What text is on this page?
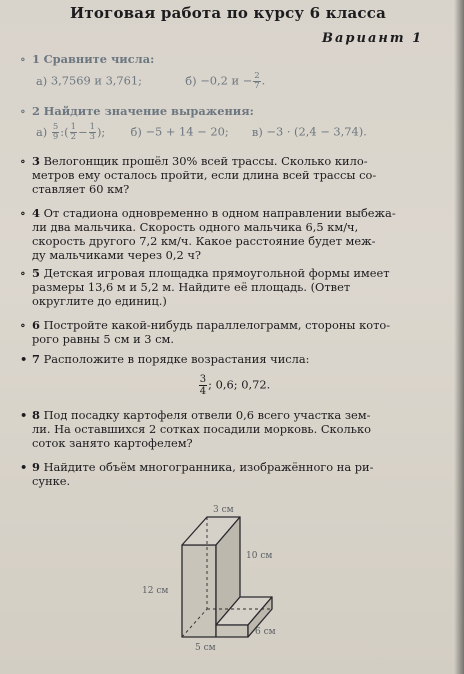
Итоговая работа по курсу 6 класса
Вариант 1
∘ 1 Сравните числа:
а) 3,7569 и 3,761;	б) −0,2 $и - \frac{2}{7}$ .
∘ 2 Найдите значение выражения:
$а) \frac{5}{9}$ :( $\frac{1}{2} - \frac{1}{3}$ ); б) −5 + 14 − 20; в) −3 · (2,4 − 3,74).
∘ 3 Велогонщик прошёл 30% всей трассы. Сколько кило-
метров ему осталось пройти, если длина всей трассы со-
ставляет 60 км?
∘ 4 От стадиона одновременно в одном направлении выбежа-
ли два мальчика. Скорость одного мальчика 6,5 км/ч,
скорость другого 7,2 км/ч. Какое расстояние будет меж-
ду мальчиками через 0,2 ч?
∘ 5 Детская игровая площадка прямоугольной формы имеет
размеры 13,6 м и 5,2 м. Найдите её площадь. (Ответ
округлите до единиц.)
∘ 6 Постройте какой-нибудь параллелограмм, стороны кото-
рого равны 5 см и 3 см.
• 7 Расположите в порядке возрастания числа:
$\frac{3}{4}$ ; 0,6; 0,72.
• 8 Под посадку картофеля отвели 0,6 всего участка зем-
ли. На оставшихся 2 сотках посадили морковь. Сколько
соток занято картофелем?
• 9 Найдите объём многогранника, изображённого на ри-
сунке.
3 см
10 см
12 см
6 см
5 см
